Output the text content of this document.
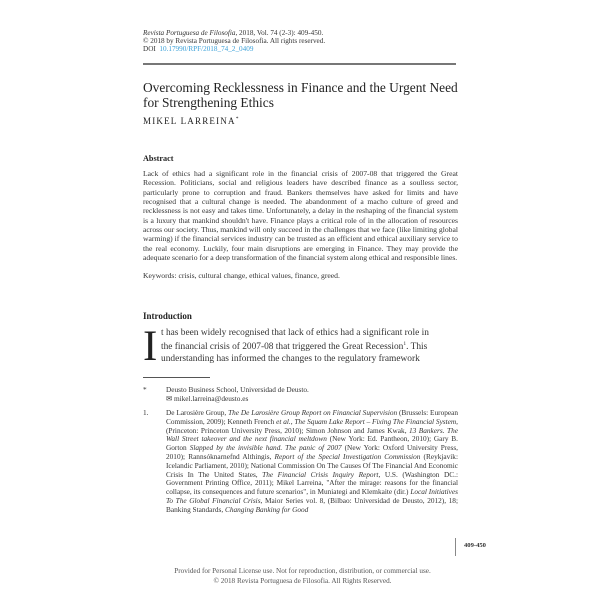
Revista Portuguesa de Filosofia, 2018, Vol. 74 (2-3): 409-450.
© 2018 by Revista Portuguesa de Filosofia. All rights reserved.
DOI 10.17990/RPF/2018_74_2_0409
Overcoming Recklessness in Finance and the Urgent Need
for Strengthening Ethics
MIKEL LARREINA*
Abstract
Lack of ethics had a significant role in the financial crisis of 2007-08 that triggered the Great Recession. Politicians, social and religious leaders have described finance as a soulless sector, particularly prone to corruption and fraud. Bankers themselves have asked for limits and have recognised that a cultural change is needed. The abandonment of a macho culture of greed and recklessness is not easy and takes time. Unfortunately, a delay in the reshaping of the financial system is a luxury that mankind shouldn't have. Finance plays a critical role of in the allocation of resources across our society. Thus, mankind will only succeed in the challenges that we face (like limiting global warming) if the financial services industry can be trusted as an efficient and ethical auxiliary service to the real economy. Luckily, four main disruptions are emerging in Finance. They may provide the adequate scenario for a deep transformation of the financial system along ethical and responsible lines.
Keywords: crisis, cultural change, ethical values, finance, greed.
Introduction
I t has been widely recognised that lack of ethics had a significant role in
the financial crisis of 2007-08 that triggered the Great Recession$^1$. This
understanding has informed the changes to the regulatory framework
*	Deusto Business School, Universidad de Deusto.
✉ mikel.larreina@deusto.es
1. De Larosière Group, The De Larosière Group Report on Financial Supervision (Brussels: European Commission, 2009); Kenneth French et al., The Squam Lake Report – Fixing The Financial System, (Princeton: Princeton University Press, 2010); Simon Johnson and James Kwak, 13 Bankers. The Wall Street takeover and the next financial meltdown (New York: Ed. Panthеon, 2010); Gary B. Gorton Slapped by the invisible hand. The panic of 2007 (New York: Oxford University Press, 2010); Rannsóknarnefnd Althingis, Report of the Special Investigation Commission (Reykjavik: Icelandic Parliament, 2010); National Commission On The Causes Of The Financial And Economic Crisis In The United States, The Financial Crisis Inquiry Report, U.S. (Washington DC.: Government Printing Office, 2011); Mikel Larreina, "After the mirage: reasons for the financial collapse, its consequences and future scenarios", in Muniategi and Klemkaite (dir.) Local Initiatives To The Global Financial Crisis, Maior Series vol. 8, (Bilbao: Universidad de Deusto, 2012), 18; Banking Standards, Changing Banking for Good
409-450
Provided for Personal License use. Not for reproduction, distribution, or commercial use.
© 2018 Revista Portuguesa de Filosofia. All Rights Reserved.
